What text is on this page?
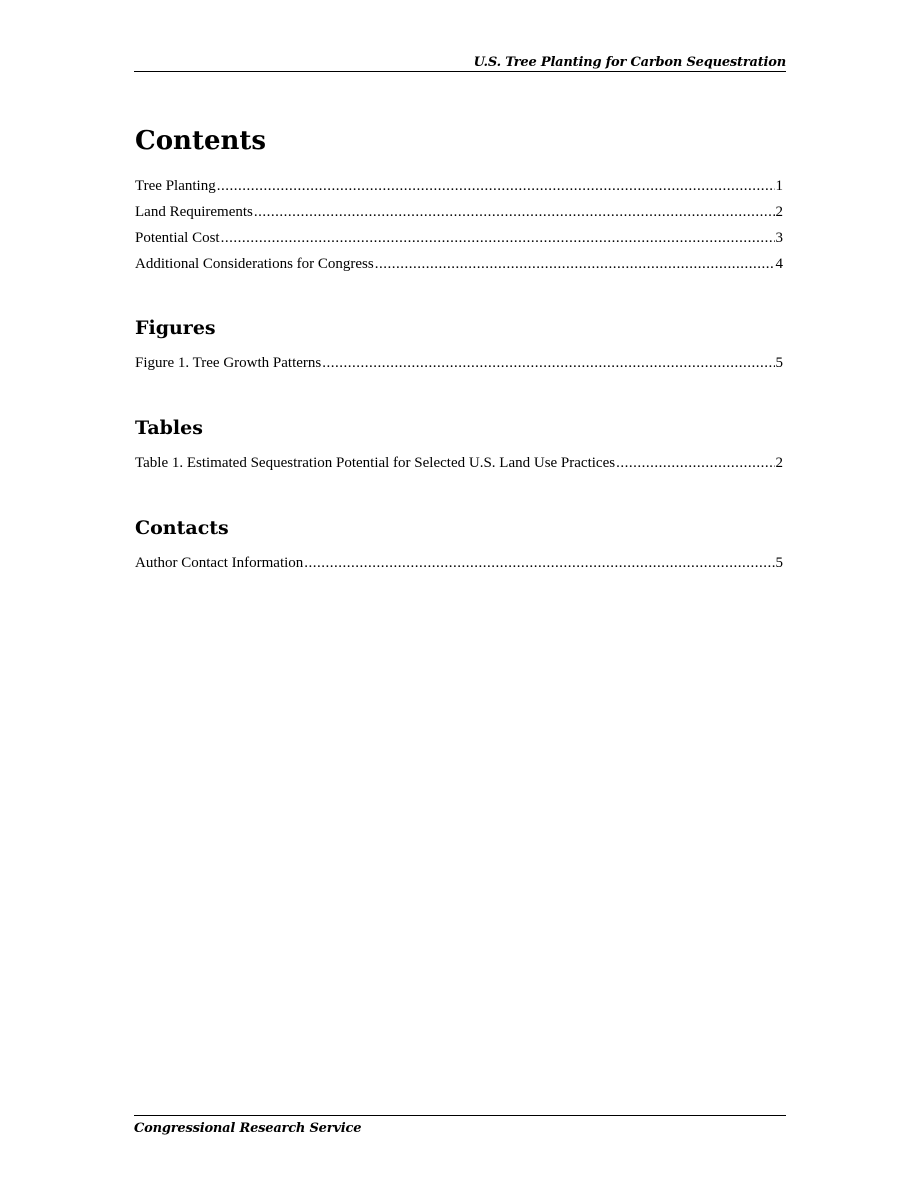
U.S. Tree Planting for Carbon Sequestration
Contents
Tree Planting .....	1
Land Requirements .....	2
Potential Cost .....	3
Additional Considerations for Congress .....	4
Figures
Figure 1. Tree Growth Patterns .....	5
Tables
Table 1. Estimated Sequestration Potential for Selected U.S. Land Use Practices .....	2
Contacts
Author Contact Information .....	5
Congressional Research Service
